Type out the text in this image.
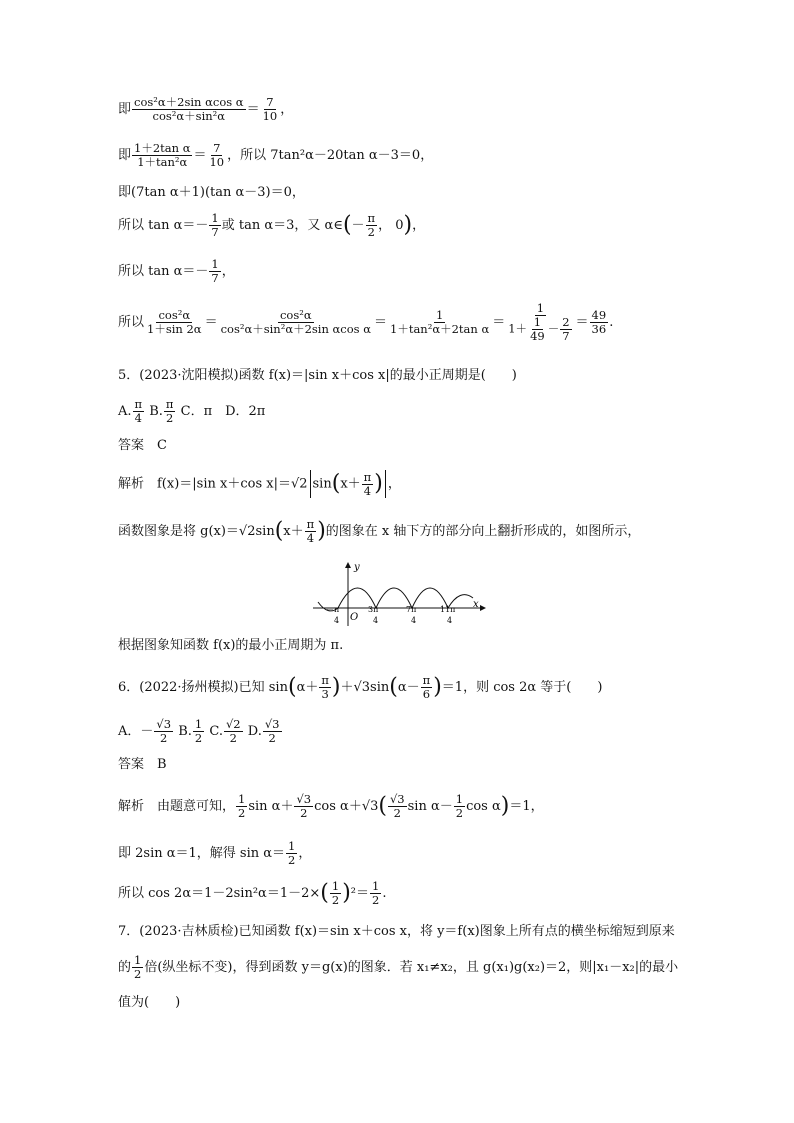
即 $\frac{\text{cos²α＋2sin αcos α}}{\text{cos²α＋sin²α}} = \frac{7}{10}$ ，
即 $\frac{\text{1＋2tan α}}{\text{1＋tan²α}} = \frac{7}{10}$ ，所以 7tan²α－20tan α－3＝0，
即(7tan α＋1)(tan α－3)＝0，
所以 $\tan \alpha=- \frac{1}{7}$ 或 tan α＝3，又 α∈(－ $\frac{\pi}{2}$ ， 0)，
所以 $\tan \alpha=- \frac{1}{7}$ ，
所以 $\frac{\text{cos²α}}{1+\sin 2\alpha} = \frac{\text{cos²α}}{\text{cos²α＋sin²α＋2sin αcos α}} = \frac{1}{\text{1＋tan²α＋2tan α}} = \frac{1}{1+ \frac{1}{49} - \frac{2}{7}} = \frac{49}{36}$ .
5．(2023·沈阳模拟)函数 f(x)＝|sin x＋cos x|的最小正周期是(　　)
A. $\frac{\pi}{4} B$. $\frac{\pi}{2}$ C．π　D．2π
答案　C
解析　f(x)＝|sin x＋cos x|＝√2 $\sin(x+ \frac{\pi}{4}$ ) ，
函数图象是将 $g(x)=√2\sin(x+ \frac{\pi}{4}$ )的图象在 x 轴下方的部分向上翻折形成的，如图所示，
y
x
O
－π
4
3π
4
7π
4
11π
4
根据图象知函数 f(x)的最小正周期为 π.
6．(2022·扬州模拟)已知 $\sin(\alpha+ \frac{\pi}{3} )+√3\sin(\alpha- \frac{\pi}{6} )=1$，则 cos 2α 等于(　　)
A．－ $\frac{√3}{2} B$. $\frac{1}{2} C$. $\frac{√2}{2} D$. $\frac{√3}{2}$
答案　B
解析　由题意可知， $\frac{1}{2}$ $\sin \alpha+ \frac{√3}{2}$ $\cos \alpha+√3( \frac{√3}{2}$ $\sin \alpha- \frac{1}{2}$ cos α)＝1，
即 2sin α＝1，解得 $\sin \alpha= \frac{1}{2}$ ，
所以 $\cos 2\alpha=1-2\sin^2\alpha=1-2\times( \frac{1}{2} )^2= \frac{1}{2}$ .
7．(2023·吉林质检)已知函数 f(x)＝sin x＋cos x，将 y＝f(x)图象上所有点的横坐标缩短到原来
的 $\frac{1}{2}$ 倍(纵坐标不变)，得到函数 y＝g(x)的图象．若 x₁≠x₂，且 g(x₁)g(x₂)＝2，则|x₁－x₂|的最小
值为(　　)
